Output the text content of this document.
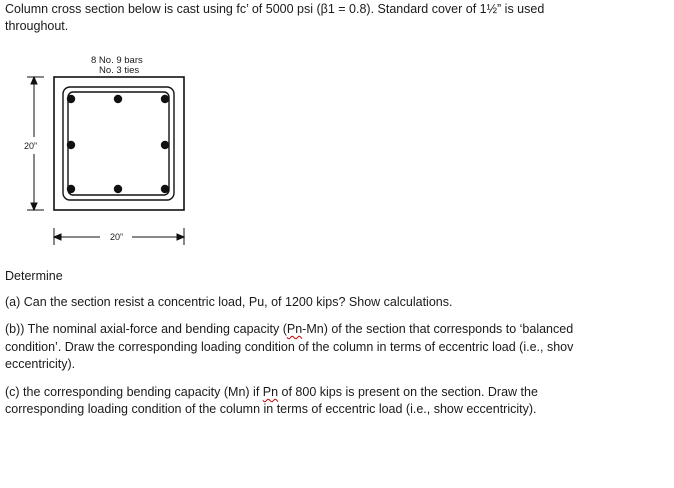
Column cross section below is cast using fc’ of 5000 psi (β1 = 0.8). Standard cover of 1½” is used
throughout.
8 No. 9 bars
No. 3 ties
20”
20”
Determine
(a) Can the section resist a concentric load, Pu, of 1200 kips? Show calculations.
(b)) The nominal axial-force and bending capacity (Pn-Mn) of the section that corresponds to ‘balanced
condition’. Draw the corresponding loading condition of the column in terms of eccentric load (i.e., shov
eccentricity).
(c) the corresponding bending capacity (Mn) if Pn of 800 kips is present on the section. Draw the
corresponding loading condition of the column in terms of eccentric load (i.e., show eccentricity).
